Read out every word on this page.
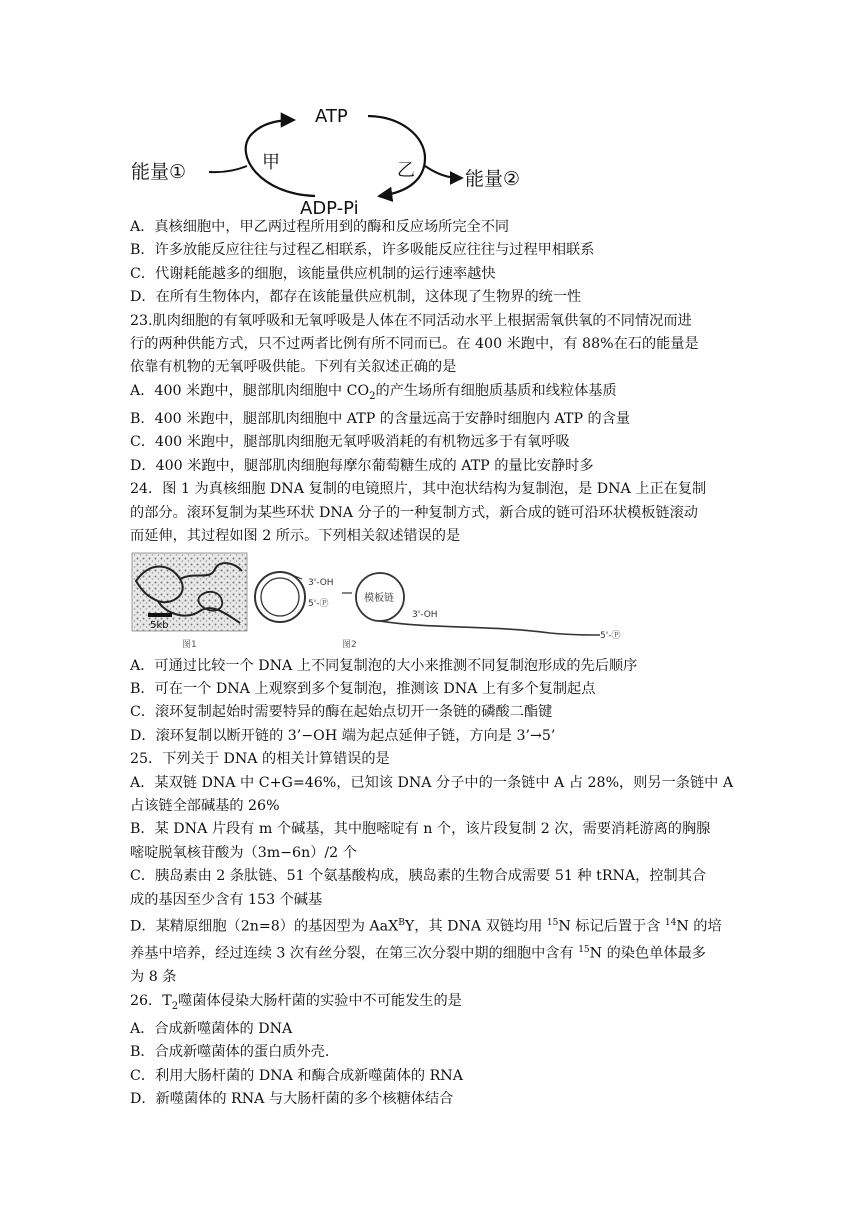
ATP
ADP-Pi
能量①	能量②
甲	乙

A．真核细胞中，甲乙两过程所用到的酶和反应场所完全不同

B．许多放能反应往往与过程乙相联系，许多吸能反应往往与过程甲相联系

C．代谢耗能越多的细胞，该能量供应机制的运行速率越快

D．在所有生物体内，都存在该能量供应机制，这体现了生物界的统一性

23.肌肉细胞的有氧呼吸和无氧呼吸是人体在不同活动水平上根据需氧供氧的不同情况而进

行的两种供能方式，只不过两者比例有所不同而已。在 400 米跑中，有 88%在石的能量是

依靠有机物的无氧呼吸供能。下列有关叙述正确的是

A．400 米跑中，腿部肌肉细胞中 $CO_2$的产生场所有细胞质基质和线粒体基质

B．400 米跑中，腿部肌肉细胞中 ATP 的含量远高于安静时细胞内 ATP 的含量

C．400 米跑中，腿部肌肉细胞无氧呼吸消耗的有机物远多于有氧呼吸

D．400 米跑中，腿部肌肉细胞每摩尔葡萄糖生成的 ATP 的量比安静时多

24．图 1 为真核细胞 DNA 复制的电镜照片，其中泡状结构为复制泡，是 DNA 上正在复制

的部分。滚环复制为某些环状 DNA 分子的一种复制方式，新合成的链可沿环状模板链滚动

而延伸，其过程如图 2 所示。下列相关叙述错误的是

5kb
图1
3'-OH
5'-Ⓟ	模板链
3'-OH
5'-Ⓟ
图2

A．可通过比较一个 DNA 上不同复制泡的大小来推测不同复制泡形成的先后顺序

B．可在一个 DNA 上观察到多个复制泡，推测该 DNA 上有多个复制起点

C．滚环复制起始时需要特异的酶在起始点切开一条链的磷酸二酯键

D．滚环复制以断开链的 3’−OH 端为起点延伸子链，方向是 3’→5’

25．下列关于 DNA 的相关计算错误的是

A．某双链 DNA 中 C+G=46%，已知该 DNA 分子中的一条链中 A 占 28%，则另一条链中 A

占该链全部碱基的 26%

B．某 DNA 片段有 m 个碱基，其中胞嘧啶有 n 个，该片段复制 2 次，需要消耗游离的胸腺

嘧啶脱氧核苷酸为（3m−6n）/2 个

C．胰岛素由 2 条肽链、51 个氨基酸构成，胰岛素的生物合成需要 51 种 tRNA，控制其合

成的基因至少含有 153 个碱基

D．某精原细胞（2n=8）的基因型为 AaX$^B$Y，其 DNA 双链均用 $^{15}$N 标记后置于含 $^{14}$N 的培

养基中培养，经过连续 3 次有丝分裂，在第三次分裂中期的细胞中含有 $^{15}$N 的染色单体最多

为 8 条

26．$T_2$噬菌体侵染大肠杆菌的实验中不可能发生的是

A．合成新噬菌体的 DNA

B．合成新噬菌体的蛋白质外壳．

C．利用大肠杆菌的 DNA 和酶合成新噬菌体的 RNA

D．新噬菌体的 RNA 与大肠杆菌的多个核糖体结合
